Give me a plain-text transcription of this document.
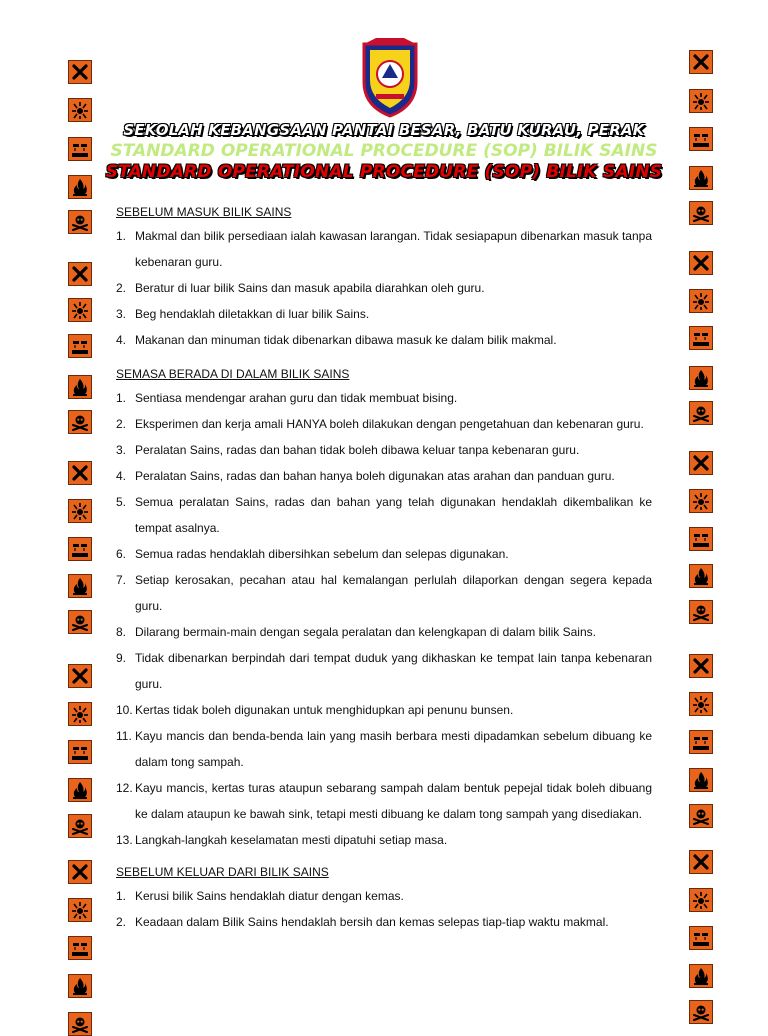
SEKOLAH KEBANGSAAN PANTAI BESAR, BATU KURAU, PERAK
STANDARD OPERATIONAL PROCEDURE (SOP) BILIK SAINS
STANDARD OPERATIONAL PROCEDURE (SOP) BILIK SAINS
SEBELUM MASUK BILIK SAINS
1. Makmal dan bilik persediaan ialah kawasan larangan. Tidak sesiapapun dibenarkan masuk tanpa kebenaran guru.
2. Beratur di luar bilik Sains dan masuk apabila diarahkan oleh guru.
3. Beg hendaklah diletakkan di luar bilik Sains.
4. Makanan dan minuman tidak dibenarkan dibawa masuk ke dalam bilik makmal.
SEMASA BERADA DI DALAM BILIK SAINS
1. Sentiasa mendengar arahan guru dan tidak membuat bising.
2. Eksperimen dan kerja amali HANYA boleh dilakukan dengan pengetahuan dan kebenaran guru.
3. Peralatan Sains, radas dan bahan tidak boleh dibawa keluar tanpa kebenaran guru.
4. Peralatan Sains, radas dan bahan hanya boleh digunakan atas arahan dan panduan guru.
5. Semua peralatan Sains, radas dan bahan yang telah digunakan hendaklah dikembalikan ke tempat asalnya.
6. Semua radas hendaklah dibersihkan sebelum dan selepas digunakan.
7. Setiap kerosakan, pecahan atau hal kemalangan perlulah dilaporkan dengan segera kepada guru.
8. Dilarang bermain-main dengan segala peralatan dan kelengkapan di dalam bilik Sains.
9. Tidak dibenarkan berpindah dari tempat duduk yang dikhaskan ke tempat lain tanpa kebenaran guru.
10. Kertas tidak boleh digunakan untuk menghidupkan api penunu bunsen.
11. Kayu mancis dan benda-benda lain yang masih berbara mesti dipadamkan sebelum dibuang ke dalam tong sampah.
12. Kayu mancis, kertas turas ataupun sebarang sampah dalam bentuk pepejal tidak boleh dibuang ke dalam ataupun ke bawah sink, tetapi mesti dibuang ke dalam tong sampah yang disediakan.
13. Langkah-langkah keselamatan mesti dipatuhi setiap masa.
SEBELUM KELUAR DARI BILIK SAINS
1. Kerusi bilik Sains hendaklah diatur dengan kemas.
2. Keadaan dalam Bilik Sains hendaklah bersih dan kemas selepas tiap-tiap waktu makmal.
